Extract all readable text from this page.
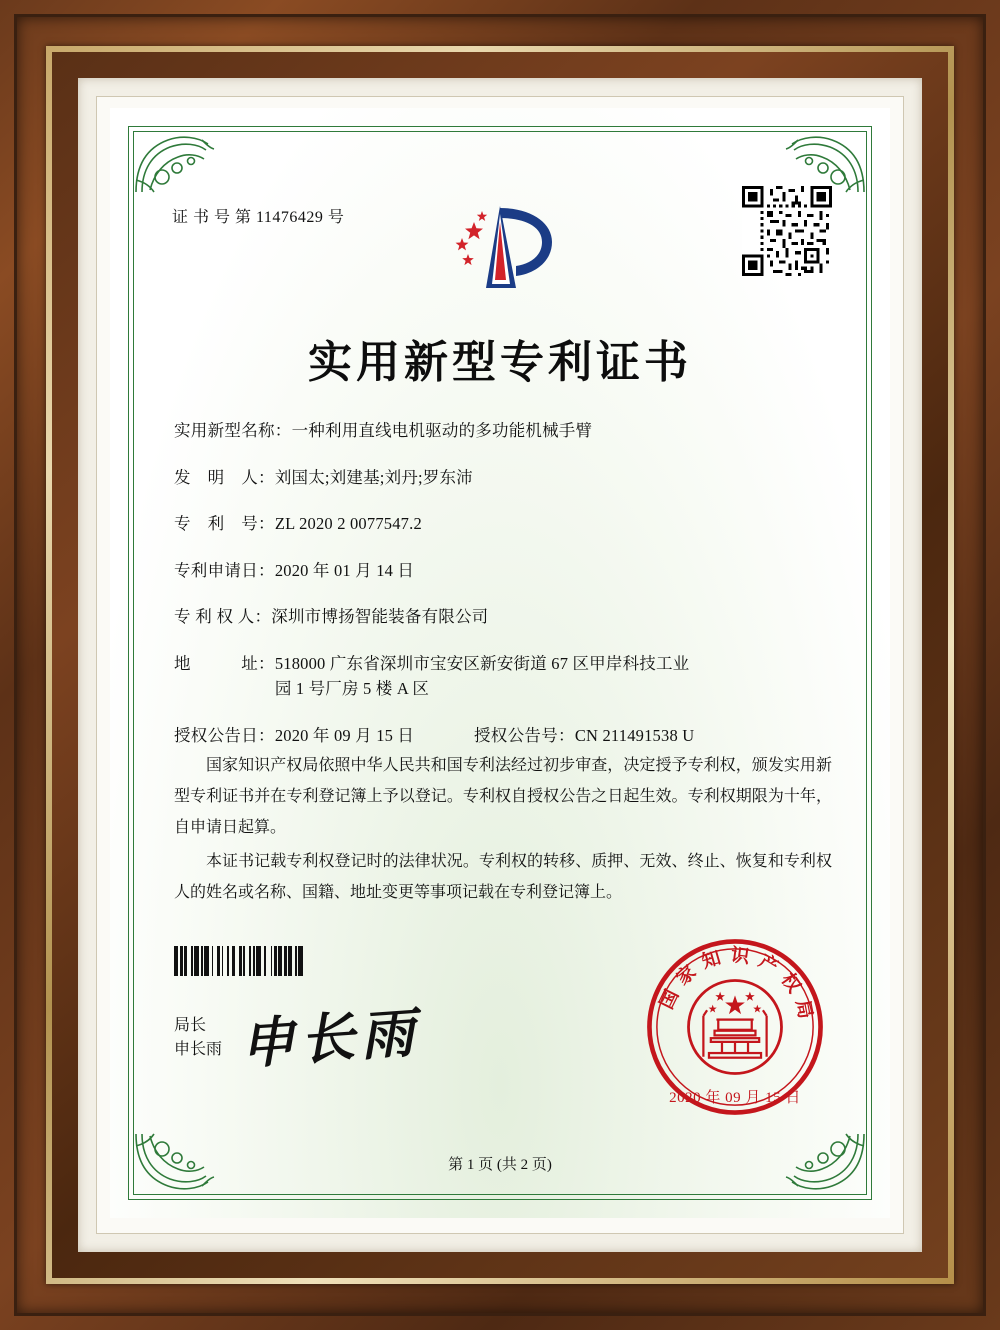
证 书 号 第 11476429 号
实用新型专利证书
实用新型名称： 一种利用直线电机驱动的多功能机械手臂
发　明　人： 刘国太;刘建基;刘丹;罗东沛
专　利　号： ZL 2020 2 0077547.2
专利申请日： 2020 年 01 月 14 日
专 利 权 人： 深圳市博扬智能装备有限公司
地　　　址： 518000 广东省深圳市宝安区新安街道 67 区甲岸科技工业
园 1 号厂房 5 楼 A 区
授权公告日： 2020 年 09 月 15 日	授权公告号： CN 211491538 U

国家知识产权局依照中华人民共和国专利法经过初步审查，决定授予专利权，颁发实用新型专利证书并在专利登记簿上予以登记。专利权自授权公告之日起生效。专利权期限为十年，自申请日起算。

本证书记载专利权登记时的法律状况。专利权的转移、质押、无效、终止、恢复和专利权人的姓名或名称、国籍、地址变更等事项记载在专利登记簿上。

局长
申长雨 申长雨
国家知识产权局
2020 年 09 月 15 日
第 1 页 (共 2 页)
